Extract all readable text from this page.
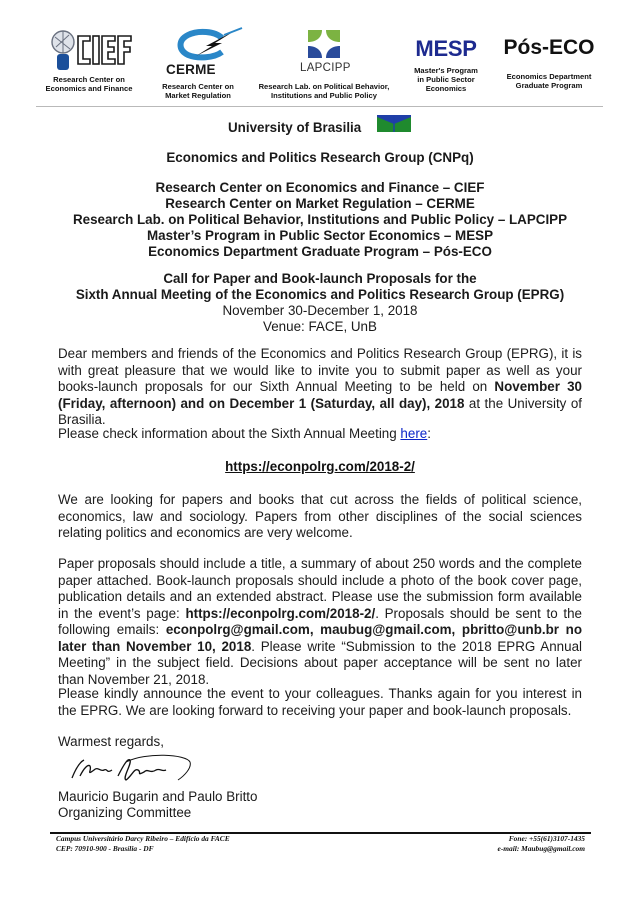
Research Center on
Economics and Finance
CERME
Research Center on
Market Regulation
LAPCIPP
Research Lab. on Political Behavior,
Institutions and Public Policy
MESP
Master's Program
in Public Sector
Economics
Pós-ECO
Economics Department
Graduate Program
University of Brasilia
Economics and Politics Research Group (CNPq)
Research Center on Economics and Finance – CIEF
Research Center on Market Regulation – CERME
Research Lab. on Political Behavior, Institutions and Public Policy – LAPCIPP
Master’s Program in Public Sector Economics – MESP
Economics Department Graduate Program – Pós-ECO
Call for Paper and Book-launch Proposals for the
Sixth Annual Meeting of the Economics and Politics Research Group (EPRG)
November 30-December 1, 2018
Venue: FACE, UnB
Dear members and friends of the Economics and Politics Research Group (EPRG), it is with great pleasure that we would like to invite you to submit paper as well as your books-launch proposals for our Sixth Annual Meeting to be held on November 30 (Friday, afternoon) and on December 1 (Saturday, all day), 2018 at the University of Brasilia.
Please check information about the Sixth Annual Meeting here:
https://econpolrg.com/2018-2/
We are looking for papers and books that cut across the fields of political science, economics, law and sociology. Papers from other disciplines of the social sciences relating politics and economics are very welcome.
Paper proposals should include a title, a summary of about 250 words and the complete paper attached. Book-launch proposals should include a photo of the book cover page, publication details and an extended abstract. Please use the submission form available in the event’s page: https://econpolrg.com/2018-2/. Proposals should be sent to the following emails: econpolrg@gmail.com, maubug@gmail.com, pbritto@unb.br no later than November 10, 2018. Please write “Submission to the 2018 EPRG Annual Meeting” in the subject field. Decisions about paper acceptance will be sent no later than November 21, 2018.
Please kindly announce the event to your colleagues. Thanks again for you interest in the EPRG. We are looking forward to receiving your paper and book-launch proposals.
Warmest regards,
Mauricio Bugarin and Paulo Britto
Organizing Committee
Campus Universitário Darcy Ribeiro – Edifício da FACE
CEP: 70910-900 - Brasília - DF
Fone: +55(61)3107-1435
e-mail: Maubug@gmail.com
